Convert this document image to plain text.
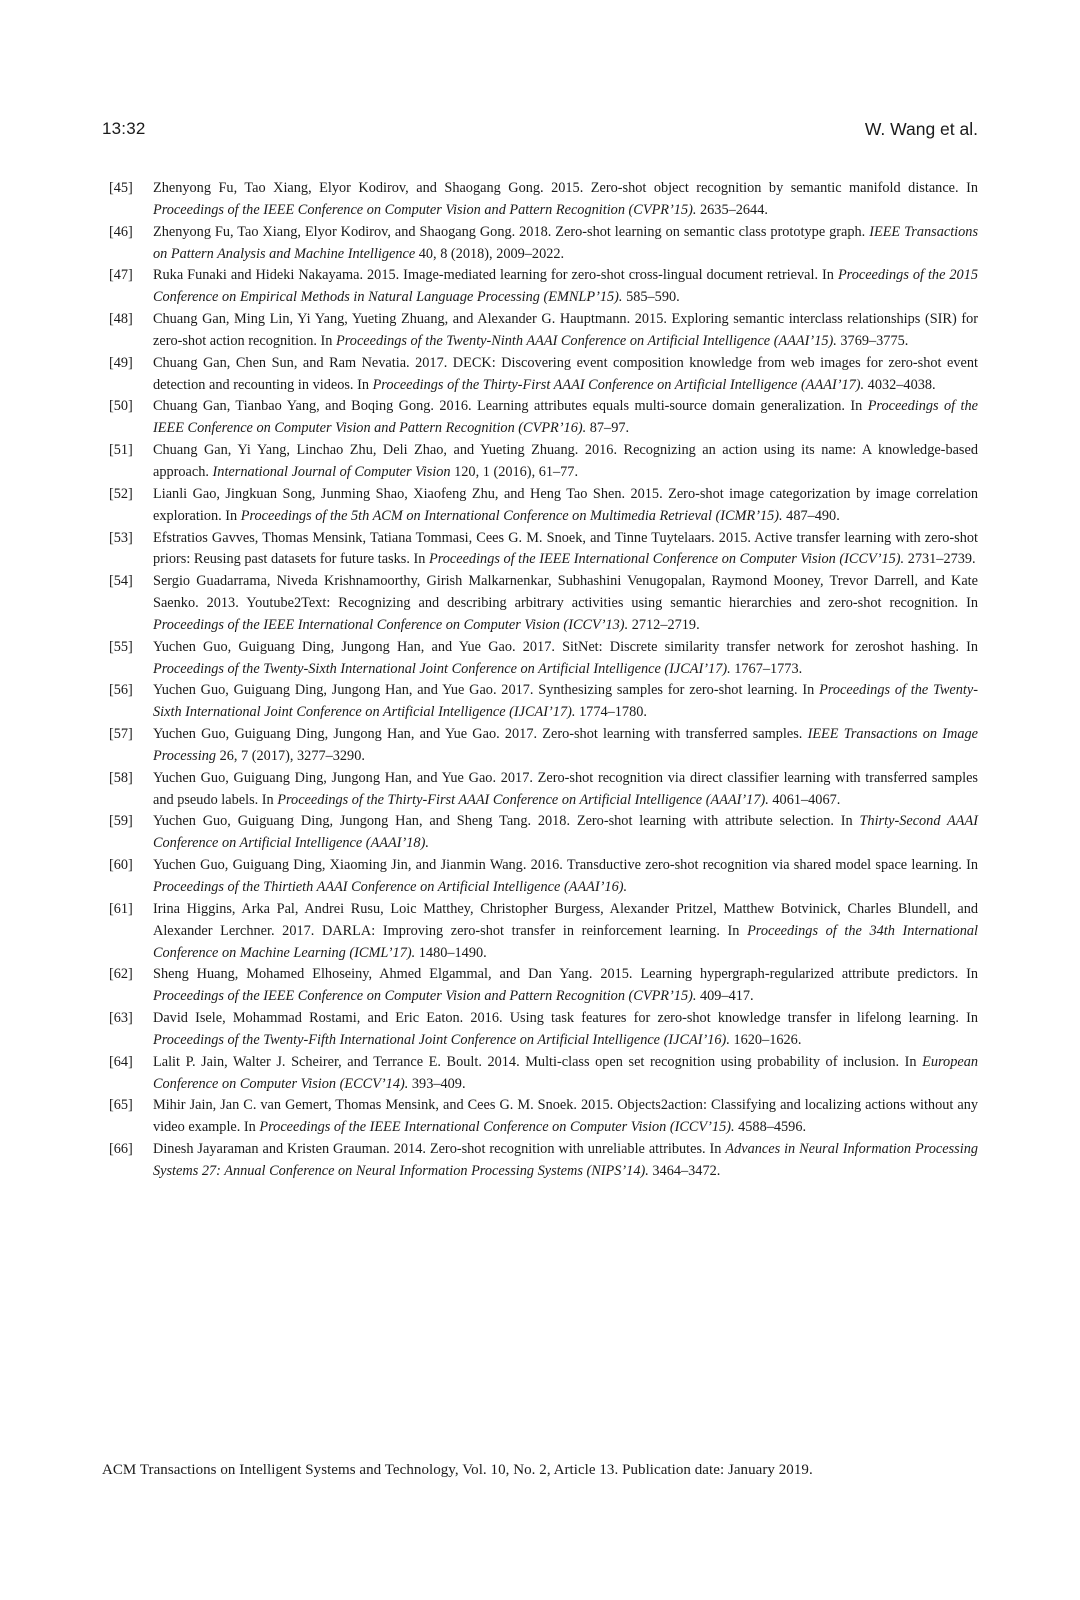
13:32	W. Wang et al.
[45] Zhenyong Fu, Tao Xiang, Elyor Kodirov, and Shaogang Gong. 2015. Zero-shot object recognition by semantic manifold distance. In Proceedings of the IEEE Conference on Computer Vision and Pattern Recognition (CVPR’15). 2635–2644.
[46] Zhenyong Fu, Tao Xiang, Elyor Kodirov, and Shaogang Gong. 2018. Zero-shot learning on semantic class prototype graph. IEEE Transactions on Pattern Analysis and Machine Intelligence 40, 8 (2018), 2009–2022.
[47] Ruka Funaki and Hideki Nakayama. 2015. Image-mediated learning for zero-shot cross-lingual document retrieval. In Proceedings of the 2015 Conference on Empirical Methods in Natural Language Processing (EMNLP’15). 585–590.
[48] Chuang Gan, Ming Lin, Yi Yang, Yueting Zhuang, and Alexander G. Hauptmann. 2015. Exploring semantic interclass relationships (SIR) for zero-shot action recognition. In Proceedings of the Twenty-Ninth AAAI Conference on Artificial Intelligence (AAAI’15). 3769–3775.
[49] Chuang Gan, Chen Sun, and Ram Nevatia. 2017. DECK: Discovering event composition knowledge from web images for zero-shot event detection and recounting in videos. In Proceedings of the Thirty-First AAAI Conference on Artificial Intelligence (AAAI’17). 4032–4038.
[50] Chuang Gan, Tianbao Yang, and Boqing Gong. 2016. Learning attributes equals multi-source domain generalization. In Proceedings of the IEEE Conference on Computer Vision and Pattern Recognition (CVPR’16). 87–97.
[51] Chuang Gan, Yi Yang, Linchao Zhu, Deli Zhao, and Yueting Zhuang. 2016. Recognizing an action using its name: A knowledge-based approach. International Journal of Computer Vision 120, 1 (2016), 61–77.
[52] Lianli Gao, Jingkuan Song, Junming Shao, Xiaofeng Zhu, and Heng Tao Shen. 2015. Zero-shot image categorization by image correlation exploration. In Proceedings of the 5th ACM on International Conference on Multimedia Retrieval (ICMR’15). 487–490.
[53] Efstratios Gavves, Thomas Mensink, Tatiana Tommasi, Cees G. M. Snoek, and Tinne Tuytelaars. 2015. Active transfer learning with zero-shot priors: Reusing past datasets for future tasks. In Proceedings of the IEEE International Conference on Computer Vision (ICCV’15). 2731–2739.
[54] Sergio Guadarrama, Niveda Krishnamoorthy, Girish Malkarnenkar, Subhashini Venugopalan, Raymond Mooney, Trevor Darrell, and Kate Saenko. 2013. Youtube2Text: Recognizing and describing arbitrary activities using semantic hierarchies and zero-shot recognition. In Proceedings of the IEEE International Conference on Computer Vision (ICCV’13). 2712–2719.
[55] Yuchen Guo, Guiguang Ding, Jungong Han, and Yue Gao. 2017. SitNet: Discrete similarity transfer network for zeroshot hashing. In Proceedings of the Twenty-Sixth International Joint Conference on Artificial Intelligence (IJCAI’17). 1767–1773.
[56] Yuchen Guo, Guiguang Ding, Jungong Han, and Yue Gao. 2017. Synthesizing samples for zero-shot learning. In Proceedings of the Twenty-Sixth International Joint Conference on Artificial Intelligence (IJCAI’17). 1774–1780.
[57] Yuchen Guo, Guiguang Ding, Jungong Han, and Yue Gao. 2017. Zero-shot learning with transferred samples. IEEE Transactions on Image Processing 26, 7 (2017), 3277–3290.
[58] Yuchen Guo, Guiguang Ding, Jungong Han, and Yue Gao. 2017. Zero-shot recognition via direct classifier learning with transferred samples and pseudo labels. In Proceedings of the Thirty-First AAAI Conference on Artificial Intelligence (AAAI’17). 4061–4067.
[59] Yuchen Guo, Guiguang Ding, Jungong Han, and Sheng Tang. 2018. Zero-shot learning with attribute selection. In Thirty-Second AAAI Conference on Artificial Intelligence (AAAI’18).
[60] Yuchen Guo, Guiguang Ding, Xiaoming Jin, and Jianmin Wang. 2016. Transductive zero-shot recognition via shared model space learning. In Proceedings of the Thirtieth AAAI Conference on Artificial Intelligence (AAAI’16).
[61] Irina Higgins, Arka Pal, Andrei Rusu, Loic Matthey, Christopher Burgess, Alexander Pritzel, Matthew Botvinick, Charles Blundell, and Alexander Lerchner. 2017. DARLA: Improving zero-shot transfer in reinforcement learning. In Proceedings of the 34th International Conference on Machine Learning (ICML’17). 1480–1490.
[62] Sheng Huang, Mohamed Elhoseiny, Ahmed Elgammal, and Dan Yang. 2015. Learning hypergraph-regularized attribute predictors. In Proceedings of the IEEE Conference on Computer Vision and Pattern Recognition (CVPR’15). 409–417.
[63] David Isele, Mohammad Rostami, and Eric Eaton. 2016. Using task features for zero-shot knowledge transfer in lifelong learning. In Proceedings of the Twenty-Fifth International Joint Conference on Artificial Intelligence (IJCAI’16). 1620–1626.
[64] Lalit P. Jain, Walter J. Scheirer, and Terrance E. Boult. 2014. Multi-class open set recognition using probability of inclusion. In European Conference on Computer Vision (ECCV’14). 393–409.
[65] Mihir Jain, Jan C. van Gemert, Thomas Mensink, and Cees G. M. Snoek. 2015. Objects2action: Classifying and localizing actions without any video example. In Proceedings of the IEEE International Conference on Computer Vision (ICCV’15). 4588–4596.
[66] Dinesh Jayaraman and Kristen Grauman. 2014. Zero-shot recognition with unreliable attributes. In Advances in Neural Information Processing Systems 27: Annual Conference on Neural Information Processing Systems (NIPS’14). 3464–3472.
ACM Transactions on Intelligent Systems and Technology, Vol. 10, No. 2, Article 13. Publication date: January 2019.
